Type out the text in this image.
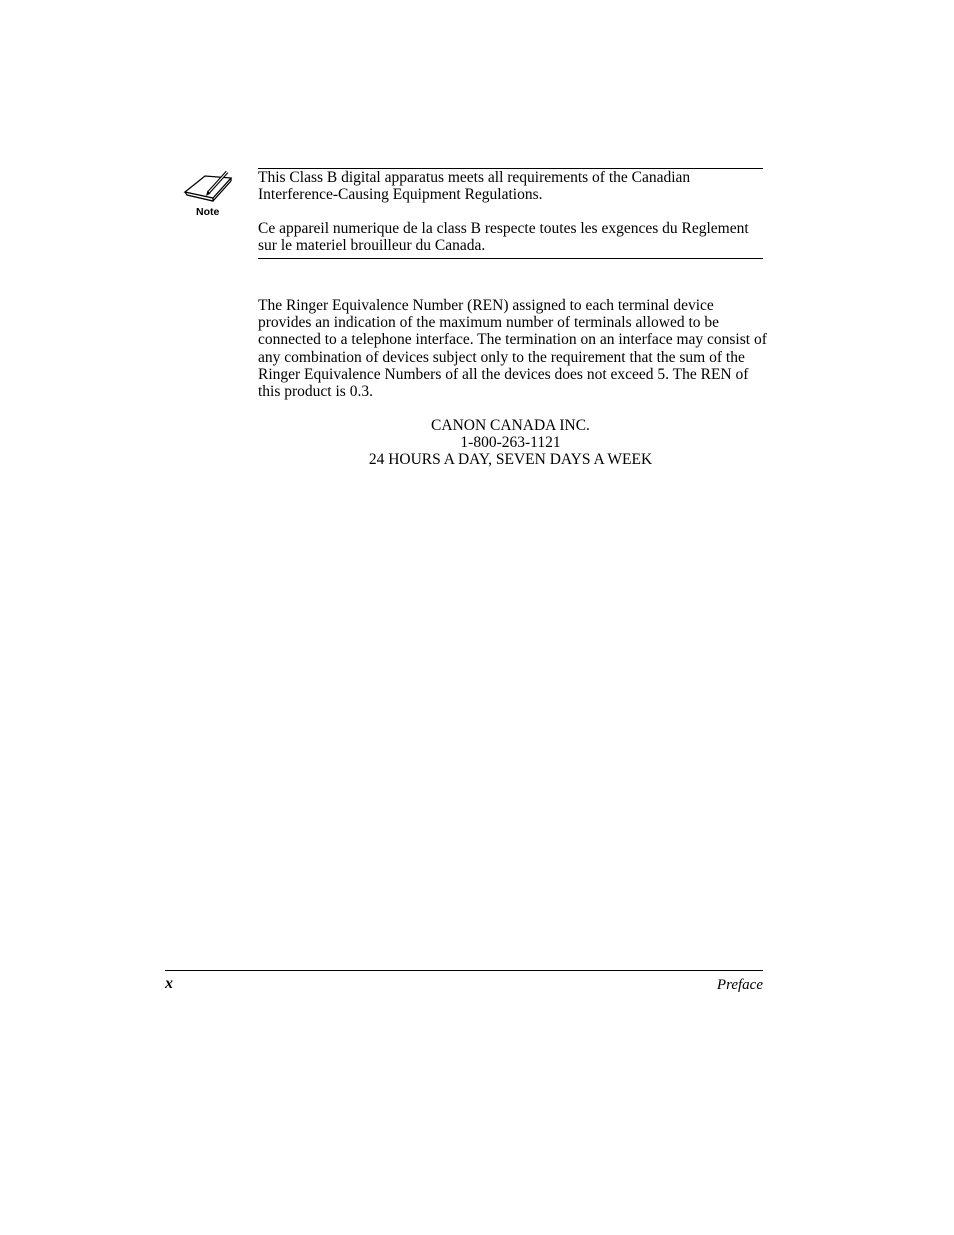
Note

This Class B digital apparatus meets all requirements of the Canadian Interference-Causing Equipment Regulations.

Ce appareil numerique de la class B respecte toutes les exgences du Reglement sur le materiel brouilleur du Canada.

The Ringer Equivalence Number (REN) assigned to each terminal device provides an indication of the maximum number of terminals allowed to be connected to a telephone interface. The termination on an interface may consist of any combination of devices subject only to the requirement that the sum of the Ringer Equivalence Numbers of all the devices does not exceed 5. The REN of this product is 0.3.

CANON CANADA INC.
1-800-263-1121
24 HOURS A DAY, SEVEN DAYS A WEEK
x	Preface
